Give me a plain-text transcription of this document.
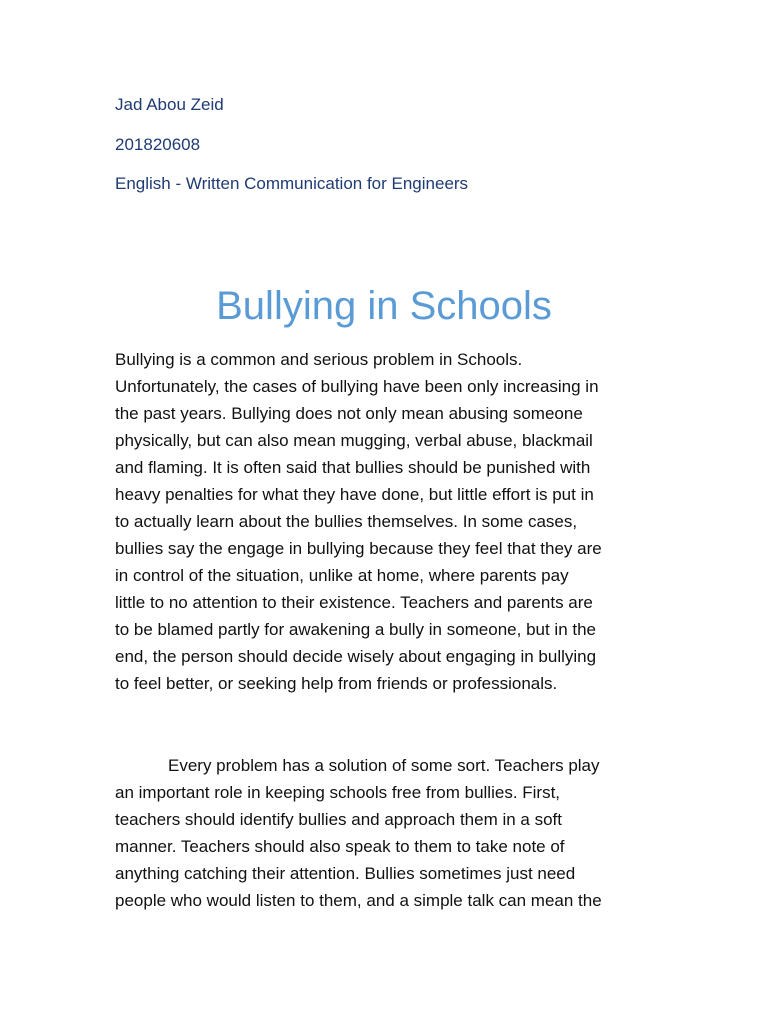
Jad Abou Zeid
201820608
English - Written Communication for Engineers
Bullying in Schools
Bullying is a common and serious problem in Schools.
Unfortunately, the cases of bullying have been only increasing in
the past years. Bullying does not only mean abusing someone
physically, but can also mean mugging, verbal abuse, blackmail
and flaming. It is often said that bullies should be punished with
heavy penalties for what they have done, but little effort is put in
to actually learn about the bullies themselves. In some cases,
bullies say the engage in bullying because they feel that they are
in control of the situation, unlike at home, where parents pay
little to no attention to their existence. Teachers and parents are
to be blamed partly for awakening a bully in someone, but in the
end, the person should decide wisely about engaging in bullying
to feel better, or seeking help from friends or professionals.
Every problem has a solution of some sort. Teachers play
an important role in keeping schools free from bullies. First,
teachers should identify bullies and approach them in a soft
manner. Teachers should also speak to them to take note of
anything catching their attention. Bullies sometimes just need
people who would listen to them, and a simple talk can mean the
